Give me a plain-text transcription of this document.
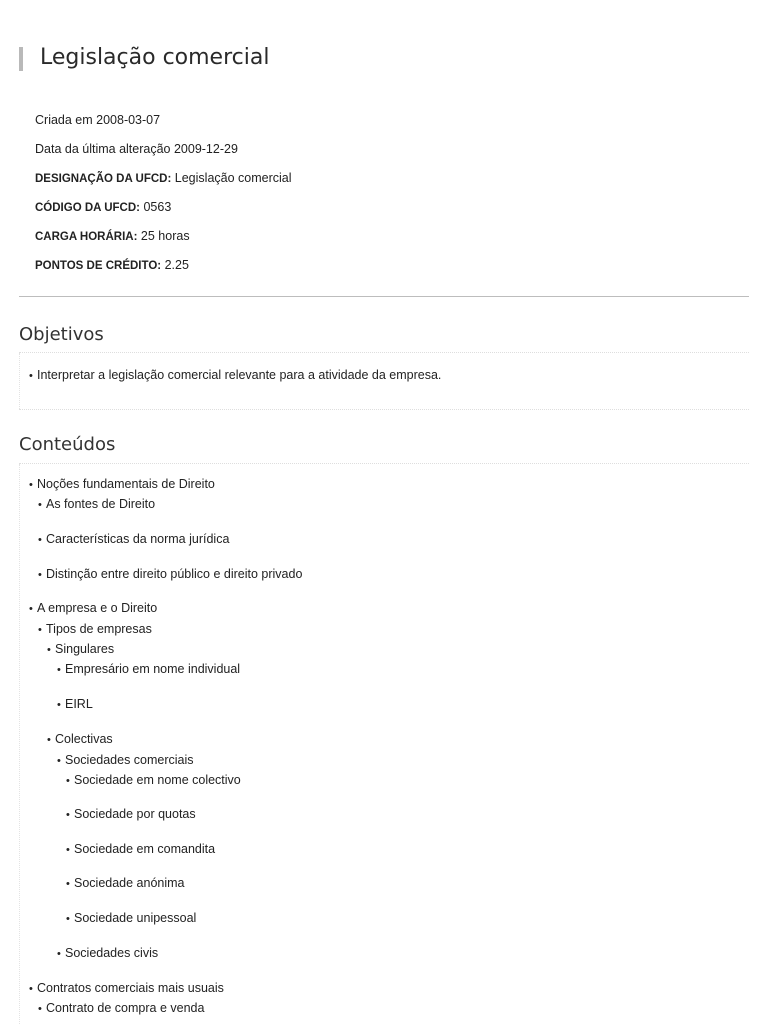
Legislação comercial
Criada em 2008-03-07
Data da última alteração 2009-12-29
DESIGNAÇÃO DA UFCD: Legislação comercial
CÓDIGO DA UFCD: 0563
CARGA HORÁRIA: 25 horas
PONTOS DE CRÉDITO: 2.25
Objetivos
• Interpretar a legislação comercial relevante para a atividade da empresa.
Conteúdos
• Noções fundamentais de Direito
• As fontes de Direito
• Características da norma jurídica
• Distinção entre direito público e direito privado
• A empresa e o Direito
• Tipos de empresas
• Singulares
• Empresário em nome individual
• EIRL
• Colectivas
• Sociedades comerciais
• Sociedade em nome colectivo
• Sociedade por quotas
• Sociedade em comandita
• Sociedade anónima
• Sociedade unipessoal
• Sociedades civis
• Contratos comerciais mais usuais
• Contrato de compra e venda
